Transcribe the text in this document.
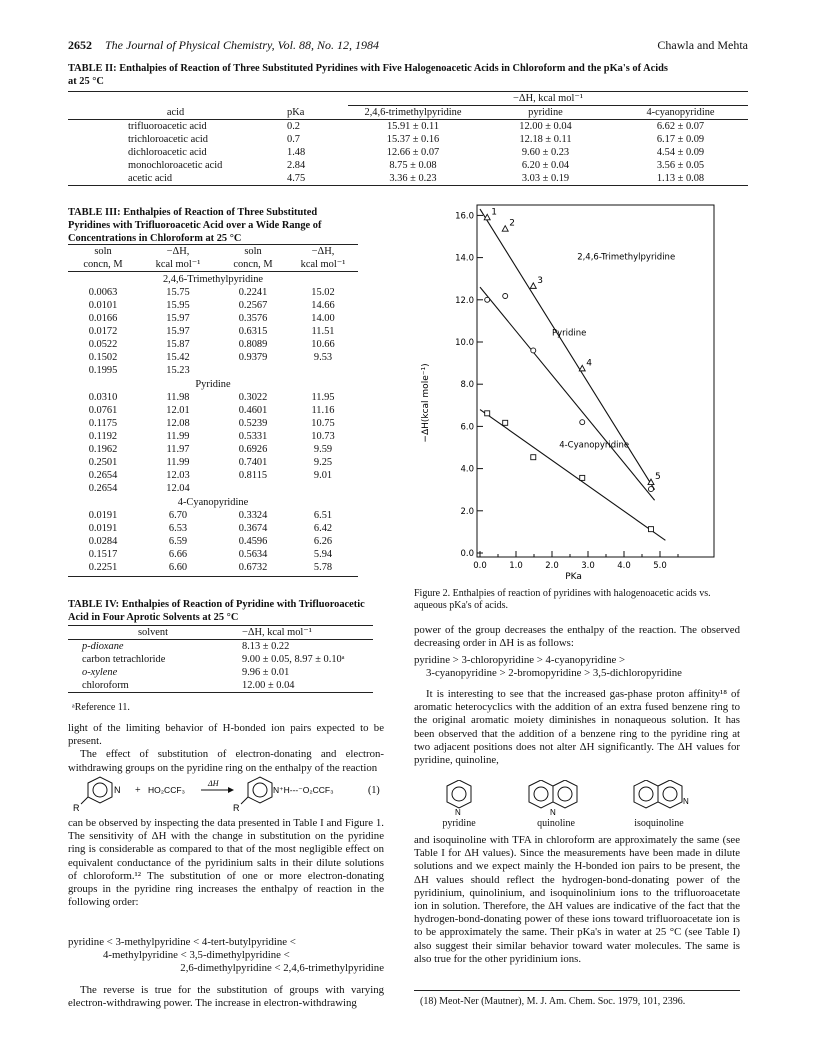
2652 The Journal of Physical Chemistry, Vol. 88, No. 12, 1984	Chawla and Mehta
TABLE II: Enthalpies of Reaction of Three Substituted Pyridines with Five Halogenoacetic Acids in Chloroform and the pKa's of Acids
at 25 °C
		−ΔH, kcal mol⁻¹		
acid	pKa	2,4,6-trimethylpyridine	pyridine	4-cyanopyridine
trifluoroacetic acid	0.2	15.91 ± 0.11	12.00 ± 0.04	6.62 ± 0.07
trichloroacetic acid	0.7	15.37 ± 0.16	12.18 ± 0.11	6.17 ± 0.09
dichloroacetic acid	1.48	12.66 ± 0.07	9.60 ± 0.23	4.54 ± 0.09
monochloroacetic acid	2.84	8.75 ± 0.08	6.20 ± 0.04	3.56 ± 0.05
acetic acid	4.75	3.36 ± 0.23	3.03 ± 0.19	1.13 ± 0.08
TABLE III: Enthalpies of Reaction of Three Substituted Pyridines with Trifluoroacetic Acid over a Wide Range of Concentrations in Chloroform at 25 °C
soln	−ΔH,	soln	−ΔH,
concn, M	kcal mol⁻¹	concn, M	kcal mol⁻¹
2,4,6-Trimethylpyridine			
0.0063	15.75	0.2241	15.02
0.0101	15.95	0.2567	14.66
0.0166	15.97	0.3576	14.00
0.0172	15.97	0.6315	11.51
0.0522	15.87	0.8089	10.66
0.1502	15.42	0.9379	9.53
0.1995	15.23		
Pyridine			
0.0310	11.98	0.3022	11.95
0.0761	12.01	0.4601	11.16
0.1175	12.08	0.5239	10.75
0.1192	11.99	0.5331	10.73
0.1962	11.97	0.6926	9.59
0.2501	11.99	0.7401	9.25
0.2654	12.03	0.8115	9.01
0.2654	12.04		
4-Cyanopyridine			
0.0191	6.70	0.3324	6.51
0.0191	6.53	0.3674	6.42
0.0284	6.59	0.4596	6.26
0.1517	6.66	0.5634	5.94
0.2251	6.60	0.6732	5.78

TABLE IV: Enthalpies of Reaction of Pyridine with Trifluoroacetic Acid in Four Aprotic Solvents at 25 °C
solvent	−ΔH, kcal mol⁻¹
p-dioxane	8.13 ± 0.22
carbon tetrachloride	9.00 ± 0.05, 8.97 ± 0.10ᵃ
o-xylene	9.96 ± 0.01
chloroform	12.00 ± 0.04
ᵃReference 11.

light of the limiting behavior of H-bonded ion pairs expected to be present.

The effect of substitution of electron-donating and electron-withdrawing groups on the pyridine ring on the enthalpy of the reaction

R
N + HO₂CCF₃
ΔH
R
N⁺H---⁻O₂CCF₃	(1)

can be observed by inspecting the data presented in Table I and Figure 1. The sensitivity of ΔH with the change in substitution on the pyridine ring is considerable as compared to that of the most negligible effect on equivalent conductance of the pyridinium salts in their dilute solutions of chloroform.¹² The substitution of one or more electron-donating groups in the pyridine ring increases the enthalpy of reaction in the following order:

pyridine < 3-methylpyridine < 4-tert-butylpyridine <
4-methylpyridine < 3,5-dimethylpyridine <
2,6-dimethylpyridine < 2,4,6-trimethylpyridine

The reverse is true for the substitution of groups with varying electron-withdrawing power. The increase in electron-withdrawing

0.0
2.0
4.0
6.0
8.0
10.0
12.0
14.0
16.0
0.0	1.0	2.0	3.0	4.0	5.0
PKa
−ΔH(kcal mole⁻¹)
1
2
3
4
5
2,4,6-Trimethylpyridine
Pyridine
4-Cyanopyridine
Figure 2. Enthalpies of reaction of pyridines with halogenoacetic acids vs. aqueous pKa's of acids.

power of the group decreases the enthalpy of the reaction. The observed decreasing order in ΔH is as follows:

pyridine > 3-chloropyridine > 4-cyanopyridine >
3-cyanopyridine > 2-bromopyridine > 3,5-dichloropyridine

It is interesting to see that the increased gas-phase proton affinity¹⁸ of aromatic heterocyclics with the addition of an extra fused benzene ring to the original aromatic moiety diminishes in nonaqueous solution. It has been observed that the addition of a benzene ring to the pyridine ring at two adjacent positions does not alter ΔH significantly. The ΔH values for pyridine, quinoline,

N	N
N
pyridine	quinoline	isoquinoline

and isoquinoline with TFA in chloroform are approximately the same (see Table I for ΔH values). Since the measurements have been made in dilute solutions and we expect mainly the H-bonded ion pairs to be present, the ΔH values should reflect the hydrogen-bond-donating power of the pyridinium, quinolinium, and isoquinolinium ions to the trifluoroacetate ion in solution. Therefore, the ΔH values are indicative of the fact that the hydrogen-bond-donating power of these ions toward trifluoroacetate ion is to be approximately the same. Their pKa's in water at 25 °C (see Table I) also suggest their similar behavior toward water molecules. The same is also true for the other pyridinium ions.

(18) Meot-Ner (Mautner), M. J. Am. Chem. Soc. 1979, 101, 2396.
